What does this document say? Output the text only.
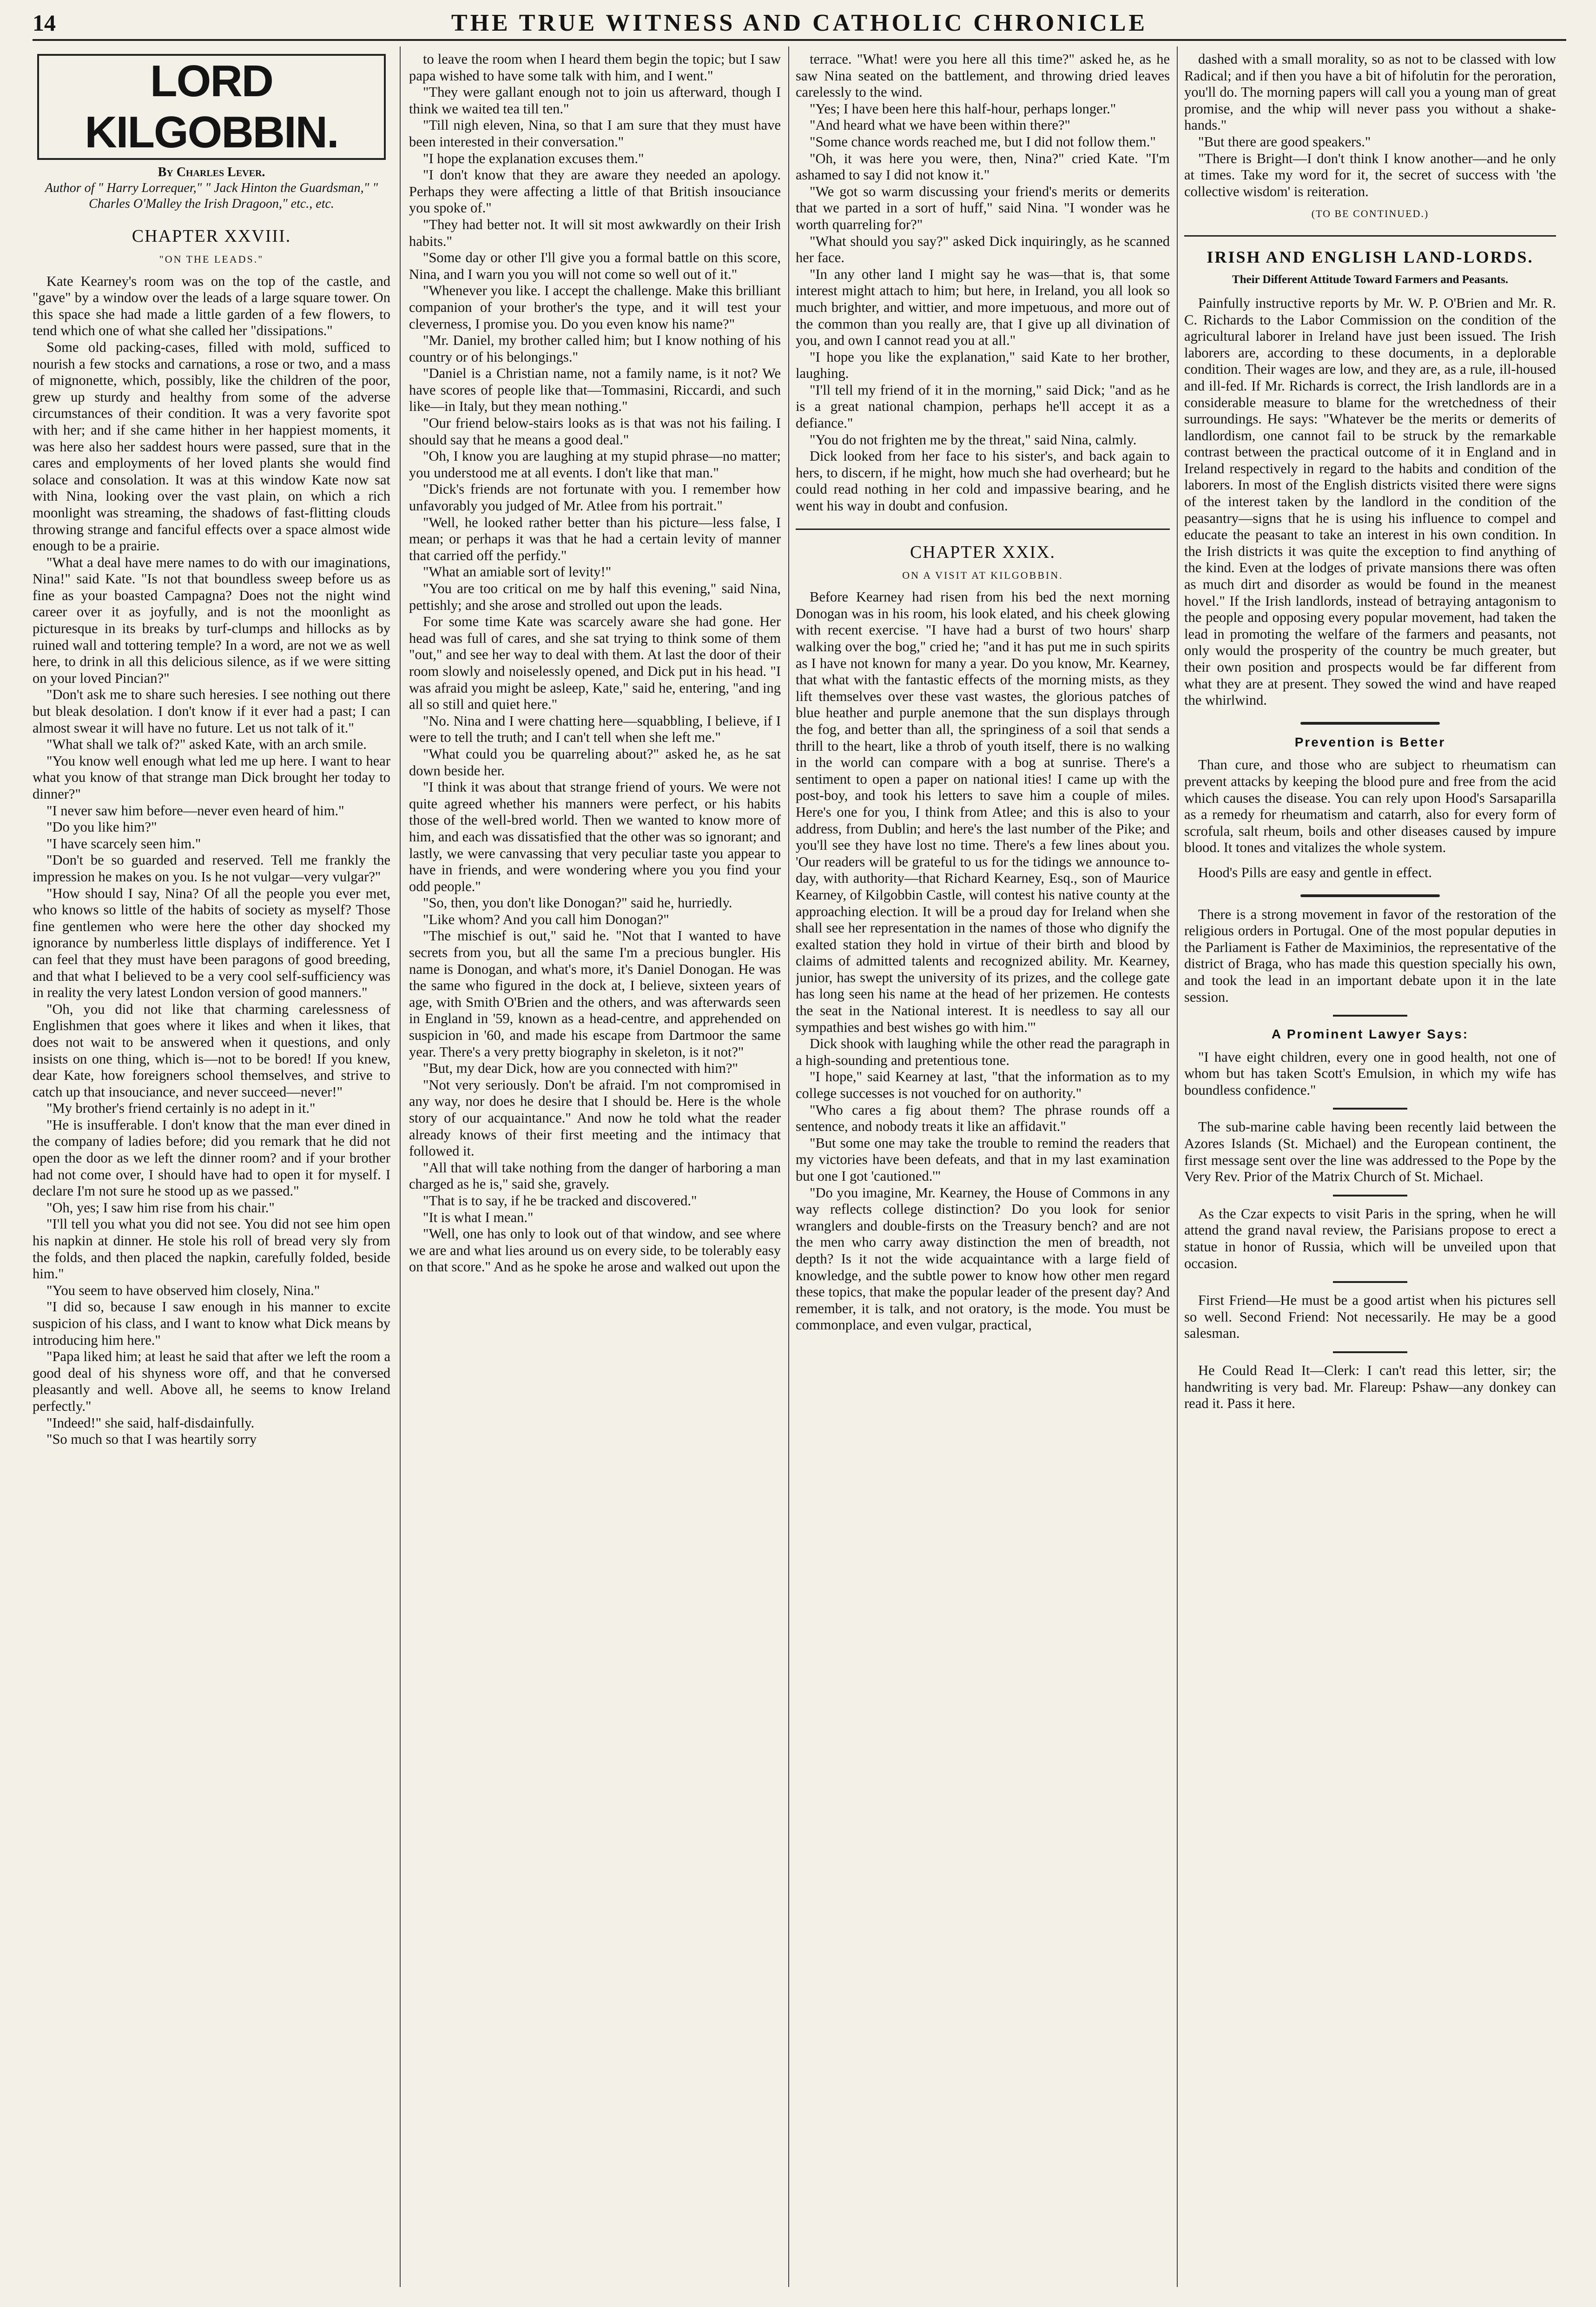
14	THE TRUE WITNESS AND CATHOLIC CHRONICLE
LORD KILGOBBIN.
By Charles Lever.
Author of " Harry Lorrequer," " Jack Hinton the Guardsman," " Charles O'Malley the Irish Dragoon," etc., etc.
CHAPTER XXVIII.
"ON THE LEADS."

Kate Kearney's room was on the top of the castle, and "gave" by a window over the leads of a large square tower. On this space she had made a little garden of a few flowers, to tend which one of what she called her "dissipations."

Some old packing-cases, filled with mold, sufficed to nourish a few stocks and carnations, a rose or two, and a mass of mignonette, which, possibly, like the children of the poor, grew up sturdy and healthy from some of the adverse circumstances of their condition. It was a very favorite spot with her; and if she came hither in her happiest moments, it was here also her saddest hours were passed, sure that in the cares and employments of her loved plants she would find solace and consolation. It was at this window Kate now sat with Nina, looking over the vast plain, on which a rich moonlight was streaming, the shadows of fast-flitting clouds throwing strange and fanciful effects over a space almost wide enough to be a prairie.

"What a deal have mere names to do with our imaginations, Nina!" said Kate. "Is not that boundless sweep before us as fine as your boasted Campagna? Does not the night wind career over it as joyfully, and is not the moonlight as picturesque in its breaks by turf-clumps and hillocks as by ruined wall and tottering temple? In a word, are not we as well here, to drink in all this delicious silence, as if we were sitting on your loved Pincian?"

"Don't ask me to share such heresies. I see nothing out there but bleak desolation. I don't know if it ever had a past; I can almost swear it will have no future. Let us not talk of it."

"What shall we talk of?" asked Kate, with an arch smile.

"You know well enough what led me up here. I want to hear what you know of that strange man Dick brought her today to dinner?"

"I never saw him before—never even heard of him."

"Do you like him?"

"I have scarcely seen him."

"Don't be so guarded and reserved. Tell me frankly the impression he makes on you. Is he not vulgar—very vulgar?"

"How should I say, Nina? Of all the people you ever met, who knows so little of the habits of society as myself? Those fine gentlemen who were here the other day shocked my ignorance by numberless little displays of indifference. Yet I can feel that they must have been paragons of good breeding, and that what I believed to be a very cool self-sufficiency was in reality the very latest London version of good manners."

"Oh, you did not like that charming carelessness of Englishmen that goes where it likes and when it likes, that does not wait to be answered when it questions, and only insists on one thing, which is—not to be bored! If you knew, dear Kate, how foreigners school themselves, and strive to catch up that insouciance, and never succeed—never!"

"My brother's friend certainly is no adept in it."

"He is insufferable. I don't know that the man ever dined in the company of ladies before; did you remark that he did not open the door as we left the dinner room? and if your brother had not come over, I should have had to open it for myself. I declare I'm not sure he stood up as we passed."

"Oh, yes; I saw him rise from his chair."

"I'll tell you what you did not see. You did not see him open his napkin at dinner. He stole his roll of bread very sly from the folds, and then placed the napkin, carefully folded, beside him."

"You seem to have observed him closely, Nina."

"I did so, because I saw enough in his manner to excite suspicion of his class, and I want to know what Dick means by introducing him here."

"Papa liked him; at least he said that after we left the room a good deal of his shyness wore off, and that he conversed pleasantly and well. Above all, he seems to know Ireland perfectly."

"Indeed!" she said, half-disdainfully.

"So much so that I was heartily sorry

to leave the room when I heard them begin the topic; but I saw papa wished to have some talk with him, and I went."

"They were gallant enough not to join us afterward, though I think we waited tea till ten."

"Till nigh eleven, Nina, so that I am sure that they must have been interested in their conversation."

"I hope the explanation excuses them."

"I don't know that they are aware they needed an apology. Perhaps they were affecting a little of that British insouciance you spoke of."

"They had better not. It will sit most awkwardly on their Irish habits."

"Some day or other I'll give you a formal battle on this score, Nina, and I warn you you will not come so well out of it."

"Whenever you like. I accept the challenge. Make this brilliant companion of your brother's the type, and it will test your cleverness, I promise you. Do you even know his name?"

"Mr. Daniel, my brother called him; but I know nothing of his country or of his belongings."

"Daniel is a Christian name, not a family name, is it not? We have scores of people like that—Tommasini, Riccardi, and such like—in Italy, but they mean nothing."

"Our friend below-stairs looks as is that was not his failing. I should say that he means a good deal."

"Oh, I know you are laughing at my stupid phrase—no matter; you understood me at all events. I don't like that man."

"Dick's friends are not fortunate with you. I remember how unfavorably you judged of Mr. Atlee from his portrait."

"Well, he looked rather better than his picture—less false, I mean; or perhaps it was that he had a certain levity of manner that carried off the perfidy."

"What an amiable sort of levity!"

"You are too critical on me by half this evening," said Nina, pettishly; and she arose and strolled out upon the leads.

For some time Kate was scarcely aware she had gone. Her head was full of cares, and she sat trying to think some of them "out," and see her way to deal with them. At last the door of their room slowly and noiselessly opened, and Dick put in his head. "I was afraid you might be asleep, Kate," said he, entering, "and ing all so still and quiet here."

"No. Nina and I were chatting here—squabbling, I believe, if I were to tell the truth; and I can't tell when she left me."

"What could you be quarreling about?" asked he, as he sat down beside her.

"I think it was about that strange friend of yours. We were not quite agreed whether his manners were perfect, or his habits those of the well-bred world. Then we wanted to know more of him, and each was dissatisfied that the other was so ignorant; and lastly, we were canvassing that very peculiar taste you appear to have in friends, and were wondering where you you find your odd people."

"So, then, you don't like Donogan?" said he, hurriedly.

"Like whom? And you call him Donogan?"

"The mischief is out," said he. "Not that I wanted to have secrets from you, but all the same I'm a precious bungler. His name is Donogan, and what's more, it's Daniel Donogan. He was the same who figured in the dock at, I believe, sixteen years of age, with Smith O'Brien and the others, and was afterwards seen in England in '59, known as a head-centre, and apprehended on suspicion in '60, and made his escape from Dartmoor the same year. There's a very pretty biography in skeleton, is it not?"

"But, my dear Dick, how are you connected with him?"

"Not very seriously. Don't be afraid. I'm not compromised in any way, nor does he desire that I should be. Here is the whole story of our acquaintance." And now he told what the reader already knows of their first meeting and the intimacy that followed it.

"All that will take nothing from the danger of harboring a man charged as he is," said she, gravely.

"That is to say, if he be tracked and discovered."

"It is what I mean."

"Well, one has only to look out of that window, and see where we are and what lies around us on every side, to be tolerably easy on that score." And as he spoke he arose and walked out upon the

terrace. "What! were you here all this time?" asked he, as he saw Nina seated on the battlement, and throwing dried leaves carelessly to the wind.

"Yes; I have been here this half-hour, perhaps longer."

"And heard what we have been within there?"

"Some chance words reached me, but I did not follow them."

"Oh, it was here you were, then, Nina?" cried Kate. "I'm ashamed to say I did not know it."

"We got so warm discussing your friend's merits or demerits that we parted in a sort of huff," said Nina. "I wonder was he worth quarreling for?"

"What should you say?" asked Dick inquiringly, as he scanned her face.

"In any other land I might say he was—that is, that some interest might attach to him; but here, in Ireland, you all look so much brighter, and wittier, and more impetuous, and more out of the common than you really are, that I give up all divination of you, and own I cannot read you at all."

"I hope you like the explanation," said Kate to her brother, laughing.

"I'll tell my friend of it in the morning," said Dick; "and as he is a great national champion, perhaps he'll accept it as a defiance."

"You do not frighten me by the threat," said Nina, calmly.

Dick looked from her face to his sister's, and back again to hers, to discern, if he might, how much she had overheard; but he could read nothing in her cold and impassive bearing, and he went his way in doubt and confusion.

CHAPTER XXIX.
ON A VISIT AT KILGOBBIN.

Before Kearney had risen from his bed the next morning Donogan was in his room, his look elated, and his cheek glowing with recent exercise. "I have had a burst of two hours' sharp walking over the bog," cried he; "and it has put me in such spirits as I have not known for many a year. Do you know, Mr. Kearney, that what with the fantastic effects of the morning mists, as they lift themselves over these vast wastes, the glorious patches of blue heather and purple anemone that the sun displays through the fog, and better than all, the springiness of a soil that sends a thrill to the heart, like a throb of youth itself, there is no walking in the world can compare with a bog at sunrise. There's a sentiment to open a paper on national ities! I came up with the post-boy, and took his letters to save him a couple of miles. Here's one for you, I think from Atlee; and this is also to your address, from Dublin; and here's the last number of the Pike; and you'll see they have lost no time. There's a few lines about you. 'Our readers will be grateful to us for the tidings we announce to-day, with authority—that Richard Kearney, Esq., son of Maurice Kearney, of Kilgobbin Castle, will contest his native county at the approaching election. It will be a proud day for Ireland when she shall see her representation in the names of those who dignify the exalted station they hold in virtue of their birth and blood by claims of admitted talents and recognized ability. Mr. Kearney, junior, has swept the university of its prizes, and the college gate has long seen his name at the head of her prizemen. He contests the seat in the National interest. It is needless to say all our sympathies and best wishes go with him.'"

Dick shook with laughing while the other read the paragraph in a high-sounding and pretentious tone.

"I hope," said Kearney at last, "that the information as to my college successes is not vouched for on authority."

"Who cares a fig about them? The phrase rounds off a sentence, and nobody treats it like an affidavit."

"But some one may take the trouble to remind the readers that my victories have been defeats, and that in my last examination but one I got 'cautioned.'"

"Do you imagine, Mr. Kearney, the House of Commons in any way reflects college distinction? Do you look for senior wranglers and double-firsts on the Treasury bench? and are not the men who carry away distinction the men of breadth, not depth? Is it not the wide acquaintance with a large field of knowledge, and the subtle power to know how other men regard these topics, that make the popular leader of the present day? And remember, it is talk, and not oratory, is the mode. You must be commonplace, and even vulgar, practical,

dashed with a small morality, so as not to be classed with low Radical; and if then you have a bit of hifolutin for the peroration, you'll do. The morning papers will call you a young man of great promise, and the whip will never pass you without a shake-hands."

"But there are good speakers."

"There is Bright—I don't think I know another—and he only at times. Take my word for it, the secret of success with 'the collective wisdom' is reiteration.

(TO BE CONTINUED.)
IRISH AND ENGLISH LAND-LORDS.
Their Different Attitude Toward Farmers and Peasants.

Painfully instructive reports by Mr. W. P. O'Brien and Mr. R. C. Richards to the Labor Commission on the condition of the agricultural laborer in Ireland have just been issued. The Irish laborers are, according to these documents, in a deplorable condition. Their wages are low, and they are, as a rule, ill-housed and ill-fed. If Mr. Richards is correct, the Irish landlords are in a considerable measure to blame for the wretchedness of their surroundings. He says: "Whatever be the merits or demerits of landlordism, one cannot fail to be struck by the remarkable contrast between the practical outcome of it in England and in Ireland respectively in regard to the habits and condition of the laborers. In most of the English districts visited there were signs of the interest taken by the landlord in the condition of the peasantry—signs that he is using his influence to compel and educate the peasant to take an interest in his own condition. In the Irish districts it was quite the exception to find anything of the kind. Even at the lodges of private mansions there was often as much dirt and disorder as would be found in the meanest hovel." If the Irish landlords, instead of betraying antagonism to the people and opposing every popular movement, had taken the lead in promoting the welfare of the farmers and peasants, not only would the prosperity of the country be much greater, but their own position and prospects would be far different from what they are at present. They sowed the wind and have reaped the whirlwind.

Prevention is Better

Than cure, and those who are subject to rheumatism can prevent attacks by keeping the blood pure and free from the acid which causes the disease. You can rely upon Hood's Sarsaparilla as a remedy for rheumatism and catarrh, also for every form of scrofula, salt rheum, boils and other diseases caused by impure blood. It tones and vitalizes the whole system.

Hood's Pills are easy and gentle in effect.

There is a strong movement in favor of the restoration of the religious orders in Portugal. One of the most popular deputies in the Parliament is Father de Maximinios, the representative of the district of Braga, who has made this question specially his own, and took the lead in an important debate upon it in the late session.

A Prominent Lawyer Says:

"I have eight children, every one in good health, not one of whom but has taken Scott's Emulsion, in which my wife has boundless confidence."

The sub-marine cable having been recently laid between the Azores Islands (St. Michael) and the European continent, the first message sent over the line was addressed to the Pope by the Very Rev. Prior of the Matrix Church of St. Michael.

As the Czar expects to visit Paris in the spring, when he will attend the grand naval review, the Parisians propose to erect a statue in honor of Russia, which will be unveiled upon that occasion.

First Friend—He must be a good artist when his pictures sell so well. Second Friend: Not necessarily. He may be a good salesman.

He Could Read It—Clerk: I can't read this letter, sir; the handwriting is very bad. Mr. Flareup: Pshaw—any donkey can read it. Pass it here.
